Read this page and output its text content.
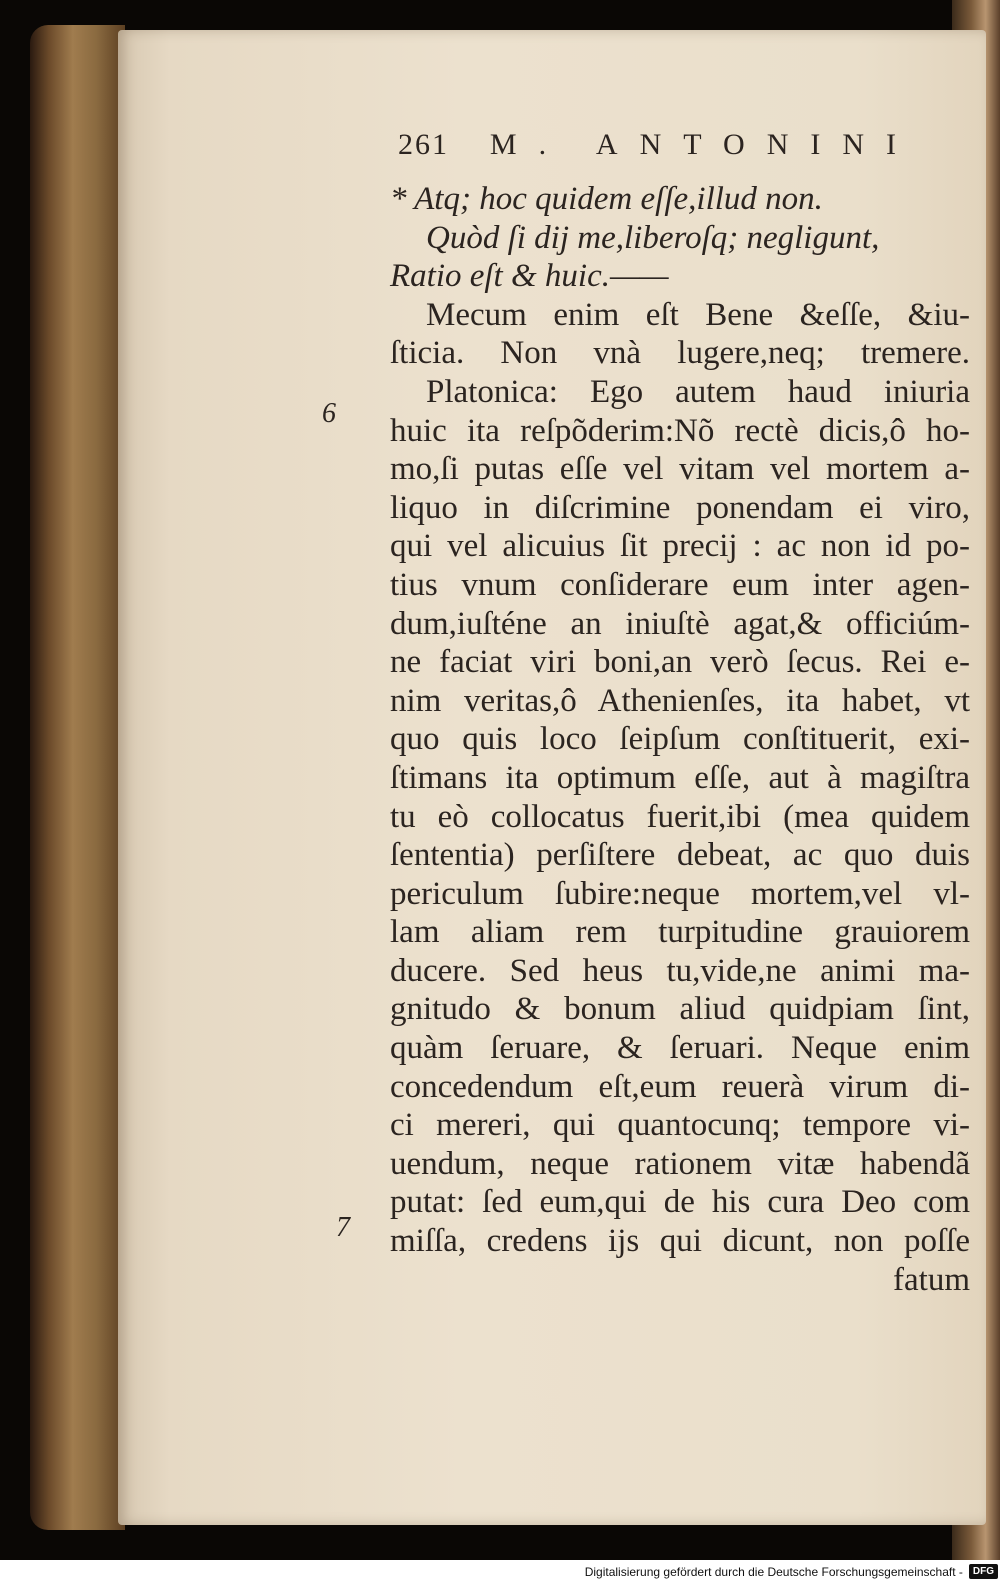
261 M. ANTONINI
6
7
* Atq; hoc quidem eſſe,illud non.
Quòd ſi dij me,liberoſq; negligunt,
Ratio eſt & huic.——
Mecum enim eſt Bene &eſſe, &iu-
ſticia. Non vnà lugere,neq; tremere.
Platonica: Ego autem haud iniuria
huic ita reſpõderim:Nõ rectè dicis,ô ho-
mo,ſi putas eſſe vel vitam vel mortem a-
liquo in diſcrimine ponendam ei viro,
qui vel alicuius ſit precij : ac non id po-
tius vnum conſiderare eum inter agen-
dum,iuſténe an iniuſtè agat,& officiúm-
ne faciat viri boni,an verò ſecus. Rei e-
nim veritas,ô Athenienſes, ita habet, vt
quo quis loco ſeipſum conſtituerit, exi-
ſtimans ita optimum eſſe, aut à magiſtra
tu eò collocatus fuerit,ibi (mea quidem
ſententia) perſiſtere debeat, ac quo duis
periculum ſubire:neque mortem,vel vl-
lam aliam rem turpitudine grauiorem
ducere. Sed heus tu,vide,ne animi ma-
gnitudo & bonum aliud quidpiam ſint,
quàm ſeruare, & ſeruari. Neque enim
concedendum eſt,eum reuerà virum di-
ci mereri, qui quantocunq; tempore vi-
uendum, neque rationem vitæ habendã
putat: ſed eum,qui de his cura Deo com
miſſa, credens ijs qui dicunt, non poſſe
fatum
Digitalisierung gefördert durch die Deutsche Forschungsgemeinschaft -	DFG
